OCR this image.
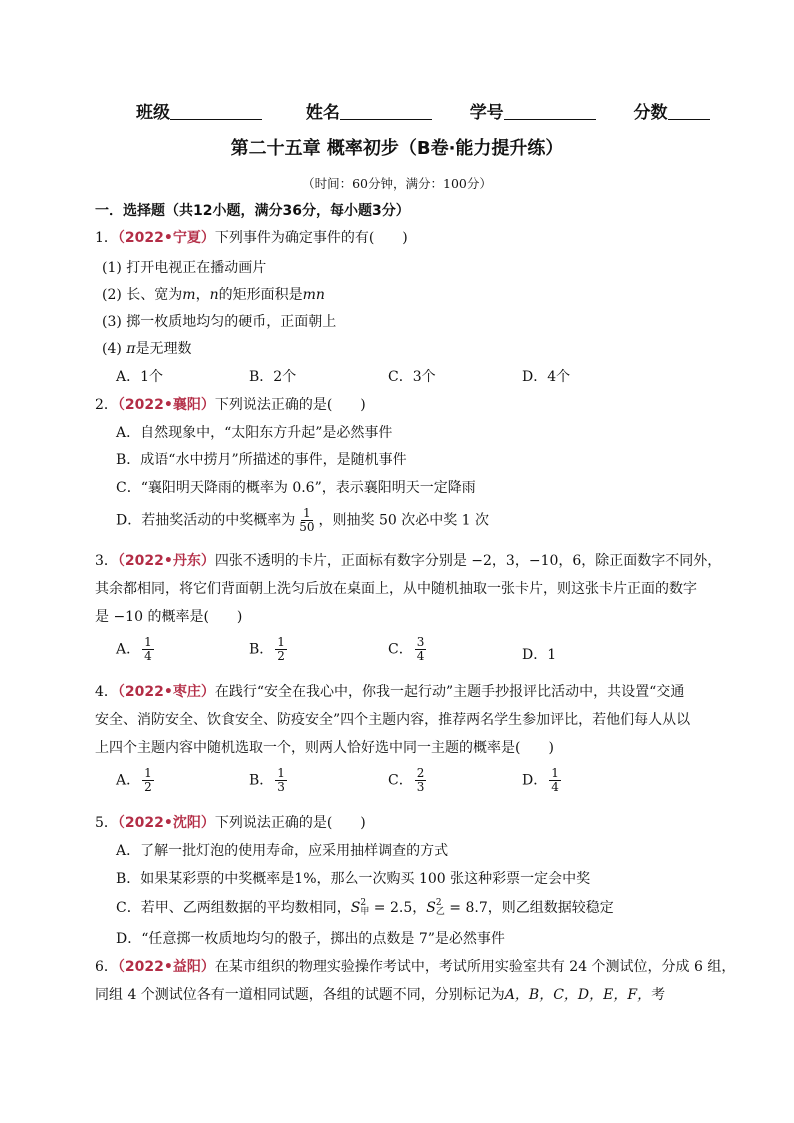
班级	姓名	学号	分数
第二十五章 概率初步（B卷·能力提升练）
（时间：60分钟，满分：100分）
一．选择题（共12小题，满分36分，每小题3分）
1．（2022•宁夏）下列事件为确定事件的有(　　)
(1) 打开电视正在播动画片
(2) 长、宽为m，n的矩形面积是mn
(3) 掷一枚质地均匀的硬币，正面朝上
(4) π是无理数
A．1个	B．2个	C．3个	D．4个
2．（2022•襄阳）下列说法正确的是(　　)
A．自然现象中，“太阳东方升起”是必然事件
B．成语“水中捞月”所描述的事件，是随机事件
C．“襄阳明天降雨的概率为 0.6”，表示襄阳明天一定降雨
D．若抽奖活动的中奖概率为 $\frac{1}{50}$ ，则抽奖 50 次必中奖 1 次
3．（2022•丹东）四张不透明的卡片，正面标有数字分别是 −2，3，−10，6，除正面数字不同外，
其余都相同，将它们背面朝上洗匀后放在桌面上，从中随机抽取一张卡片，则这张卡片正面的数字
是 −10 的概率是(　　)
A． $\frac{1}{4}$	B． $\frac{1}{2}$	C． $\frac{3}{4}$	D．1
4．（2022•枣庄）在践行“安全在我心中，你我一起行动”主题手抄报评比活动中，共设置“交通
安全、消防安全、饮食安全、防疫安全”四个主题内容，推荐两名学生参加评比，若他们每人从以
上四个主题内容中随机选取一个，则两人恰好选中同一主题的概率是(　　)
A． $\frac{1}{2}$	B． $\frac{1}{3}$	C． $\frac{2}{3}$	D． $\frac{1}{4}$
5．（2022•沈阳）下列说法正确的是(　　)
A．了解一批灯泡的使用寿命，应采用抽样调查的方式
B．如果某彩票的中奖概率是1%，那么一次购买 100 张这种彩票一定会中奖
C．若甲、乙两组数据的平均数相同，S 2
甲 = 2.5，S 2
乙 = 8.7，则乙组数据较稳定
D．“任意掷一枚质地均匀的骰子，掷出的点数是 7”是必然事件
6．（2022•益阳）在某市组织的物理实验操作考试中，考试所用实验室共有 24 个测试位，分成 6 组，
同组 4 个测试位各有一道相同试题，各组的试题不同，分别标记为A，B，C，D，E，F，考
